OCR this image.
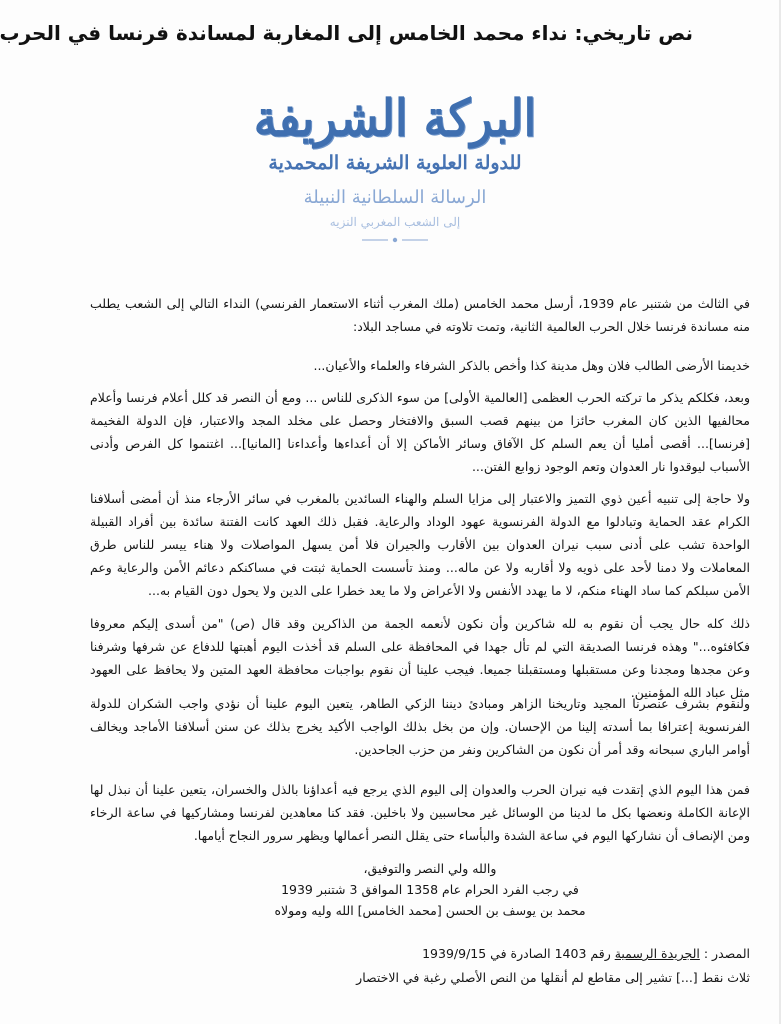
نص تاريخي: نداء محمد الخامس إلى المغاربة لمساندة فرنسا في الحرب
البركة الشريفة
للدولة العلوية الشريفة المحمدية
الرسالة السلطانية النبيلة
إلى الشعب المغربي النزيه

في الثالث من شتنبر عام 1939، أرسل محمد الخامس (ملك المغرب أثناء الاستعمار الفرنسي) النداء التالي إلى الشعب يطلب منه مساندة فرنسا خلال الحرب العالمية الثانية، وتمت تلاوته في مساجد البلاد:

خديمنا الأرضى الطالب فلان وهل مدينة كذا وأخص بالذكر الشرفاء والعلماء والأعيان...

وبعد، فكلكم يذكر ما تركته الحرب العظمى [العالمية الأولى] من سوء الذكرى للناس ... ومع أن النصر قد كلل أعلام فرنسا وأعلام محالفيها الذين كان المغرب حائزا من بينهم قصب السبق والافتخار وحصل على مخلد المجد والاعتبار، فإن الدولة الفخيمة [فرنسا]... أقصى أمليا أن يعم السلم كل الآفاق وسائر الأماكن إلا أن أعداءها وأعداءنا [المانيا]... اغتنموا كل الفرص وأدنى الأسباب ليوقدوا نار العدوان وتعم الوجود زوابع الفتن...

ولا حاجة إلى تنبيه أعين ذوي التميز والاعتبار إلى مزايا السلم والهناء السائدين بالمغرب في سائر الأرجاء منذ أن أمضى أسلافنا الكرام عقد الحماية وتبادلوا مع الدولة الفرنسوية عهود الوداد والرعاية. فقبل ذلك العهد كانت الفتنة سائدة بين أفراد القبيلة الواحدة تشب على أدنى سبب نيران العدوان بين الأقارب والجيران فلا أمن يسهل المواصلات ولا هناء ييسر للناس طرق المعاملات ولا دمنا لأحد على ذويه ولا أقاربه ولا عن ماله... ومنذ تأسست الحماية ثبتت في مساكنكم دعائم الأمن والرعاية وعم الأمن سبلكم كما ساد الهناء منكم، لا ما يهدد الأنفس ولا الأعراض ولا ما يعد خطرا على الدين ولا يحول دون القيام به...

ذلك كله حال يجب أن نقوم به لله شاكرين وأن نكون لأنعمه الجمة من الذاكرين وقد قال (ص) "من أسدى إليكم معروفا فكافئوه..." وهذه فرنسا الصديقة التي لم تأل جهدا في المحافظة على السلم قد أخذت اليوم أهبتها للدفاع عن شرفها وشرفنا وعن مجدها ومجدنا وعن مستقبلها ومستقبلنا جميعا. فيجب علينا أن نقوم بواجبات محافظة العهد المتين ولا يحافظ على العهود مثل عباد الله المؤمنين.

ولنقوم بشرف عنصرنا المجيد وتاريخنا الزاهر ومبادئ ديننا الزكي الطاهر، يتعين اليوم علينا أن نؤدي واجب الشكران للدولة الفرنسوية إعترافا بما أسدته إلينا من الإحسان. وإن من بخل بذلك الواجب الأكيد يخرج بذلك عن سنن أسلافنا الأماجد ويخالف أوامر الباري سبحانه وقد أمر أن نكون من الشاكرين ونفر من حزب الجاحدين.

فمن هذا اليوم الذي إتقدت فيه نيران الحرب والعدوان إلى اليوم الذي يرجع فيه أعداؤنا بالذل والخسران، يتعين علينا أن نبذل لها الإعانة الكاملة ونعضها بكل ما لدينا من الوسائل غير محاسبين ولا باخلين. فقد كنا معاهدين لفرنسا ومشاركيها في ساعة الرخاء ومن الإنصاف أن نشاركها اليوم في ساعة الشدة والبأساء حتى يقلل النصر أعمالها ويظهر سرور النجاح أيامها.

والله ولي النصر والتوفيق،
في رجب الفرد الحرام عام 1358 الموافق 3 شتنبر 1939
محمد بن يوسف بن الحسن [محمد الخامس] الله وليه ومولاه
المصدر : الجريدة الرسمية رقم 1403 الصادرة في 1939/9/15
ثلاث نقط [...] تشير إلى مقاطع لم أنقلها من النص الأصلي رغبة في الاختصار
